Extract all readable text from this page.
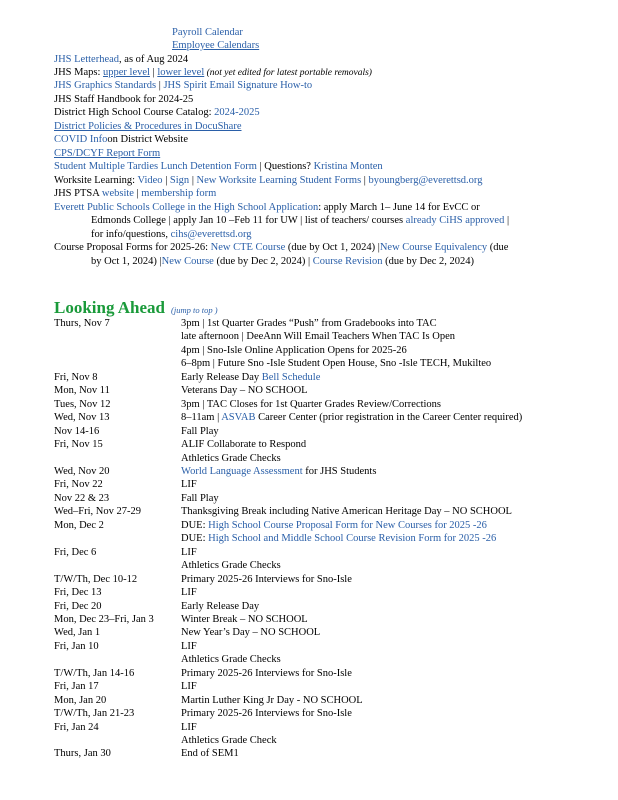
Payroll Calendar
Employee Calendars
JHS Letterhead, as of Aug 2024
JHS Maps: upper level | lower level (not yet edited for latest portable removals)
JHS Graphics Standards | JHS Spirit Email Signature How-to
JHS Staff Handbook for 2024-25
District High School Course Catalog: 2024-2025
District Policies & Procedures in DocuShare
COVID Infoon District Website
CPS/DCYF Report Form
Student Multiple Tardies Lunch Detention Form | Questions? Kristina Monten
Worksite Learning: Video | Sign | New Worksite Learning Student Forms | byoungberg@everettsd.org
JHS PTSA website | membership form
Everett Public Schools College in the High School Application: apply March 1– June 14 for EvCC or
Edmonds College | apply Jan 10 –Feb 11 for UW | list of teachers/ courses already CiHS approved |
for info/questions, cihs@everettsd.org
Course Proposal Forms for 2025-26: New CTE Course (due by Oct 1, 2024) |New Course Equivalency (due
by Oct 1, 2024) |New Course (due by Dec 2, 2024) | Course Revision (due by Dec 2, 2024)
Looking Ahead (jump to top )
Thurs, Nov 7	3pm | 1st Quarter Grades “Push” from Gradebooks into TAC
late afternoon | DeeAnn Will Email Teachers When TAC Is Open
4pm | Sno-Isle Online Application Opens for 2025-26
6–8pm | Future Sno -Isle Student Open House, Sno -Isle TECH, Mukilteo
Fri, Nov 8	Early Release Day Bell Schedule
Mon, Nov 11	Veterans Day – NO SCHOOL
Tues, Nov 12	3pm | TAC Closes for 1st Quarter Grades Review/Corrections
Wed, Nov 13	8–11am | ASVAB Career Center (prior registration in the Career Center required)
Nov 14-16	Fall Play
Fri, Nov 15	ALIF Collaborate to Respond
Athletics Grade Checks
Wed, Nov 20	World Language Assessment for JHS Students
Fri, Nov 22	LIF
Nov 22 & 23	Fall Play
Wed–Fri, Nov 27-29	Thanksgiving Break including Native American Heritage Day – NO SCHOOL
Mon, Dec 2	DUE: High School Course Proposal Form for New Courses for 2025 -26
DUE: High School and Middle School Course Revision Form for 2025 -26
Fri, Dec 6	LIF
Athletics Grade Checks
T/W/Th, Dec 10-12	Primary 2025-26 Interviews for Sno-Isle
Fri, Dec 13	LIF
Fri, Dec 20	Early Release Day
Mon, Dec 23–Fri, Jan 3	Winter Break – NO SCHOOL
Wed, Jan 1	New Year’s Day – NO SCHOOL
Fri, Jan 10	LIF
Athletics Grade Checks
T/W/Th, Jan 14-16	Primary 2025-26 Interviews for Sno-Isle
Fri, Jan 17	LIF
Mon, Jan 20	Martin Luther King Jr Day - NO SCHOOL
T/W/Th, Jan 21-23	Primary 2025-26 Interviews for Sno-Isle
Fri, Jan 24	LIF
Athletics Grade Check
Thurs, Jan 30	End of SEM1
